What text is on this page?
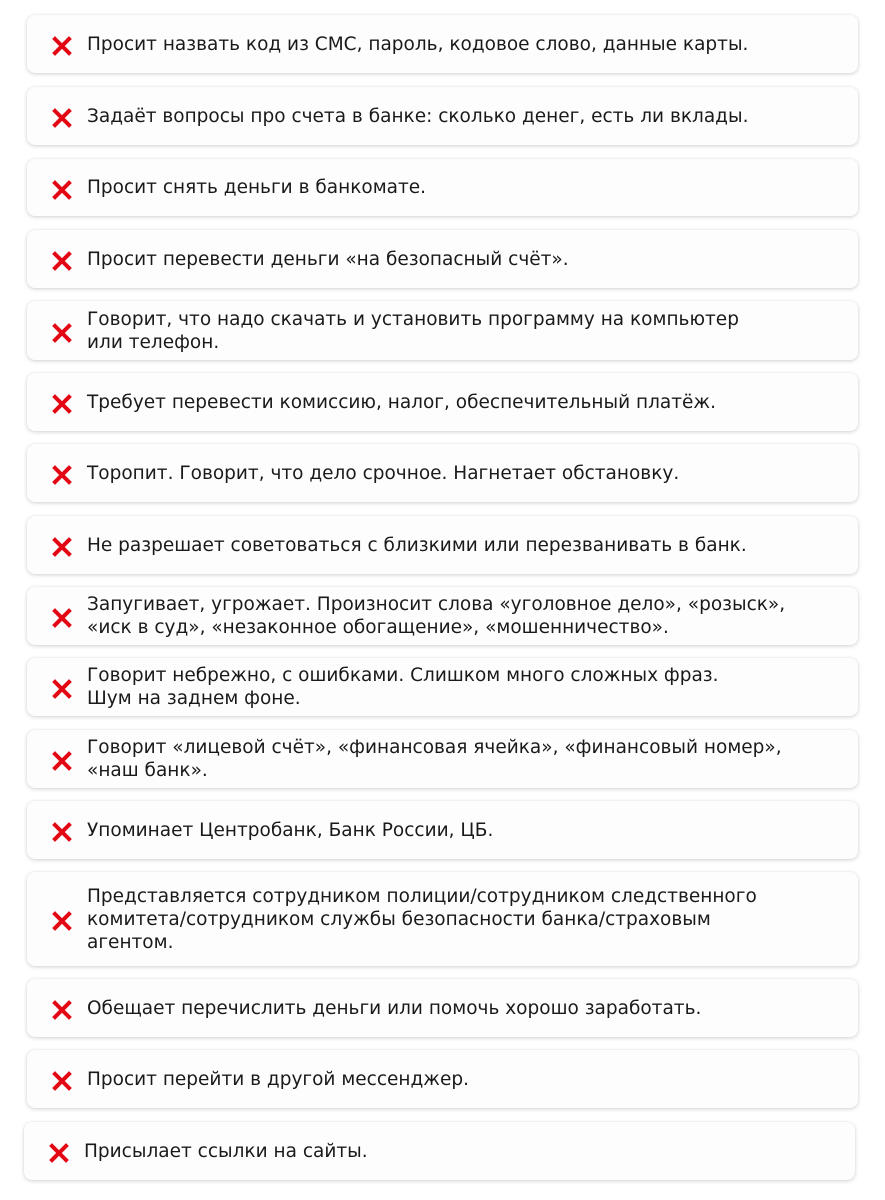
Просит назвать код из СМС, пароль, кодовое слово, данные карты.
Задаёт вопросы про счета в банке: сколько денег, есть ли вклады.
Просит снять деньги в банкомате.
Просит перевести деньги «на безопасный счёт».
Говорит, что надо скачать и установить программу на компьютер
или телефон.
Требует перевести комиссию, налог, обеспечительный платёж.
Торопит. Говорит, что дело срочное. Нагнетает обстановку.
Не разрешает советоваться с близкими или перезванивать в банк.
Запугивает, угрожает. Произносит слова «уголовное дело», «розыск»,
«иск в суд», «незаконное обогащение», «мошенничество».
Говорит небрежно, с ошибками. Слишком много сложных фраз.
Шум на заднем фоне.
Говорит «лицевой счёт», «финансовая ячейка», «финансовый номер»,
«наш банк».
Упоминает Центробанк, Банк России, ЦБ.
Представляется сотрудником полиции/сотрудником следственного
комитета/сотрудником службы безопасности банка/страховым
агентом.
Обещает перечислить деньги или помочь хорошо заработать.
Просит перейти в другой мессенджер.
Присылает ссылки на сайты.
